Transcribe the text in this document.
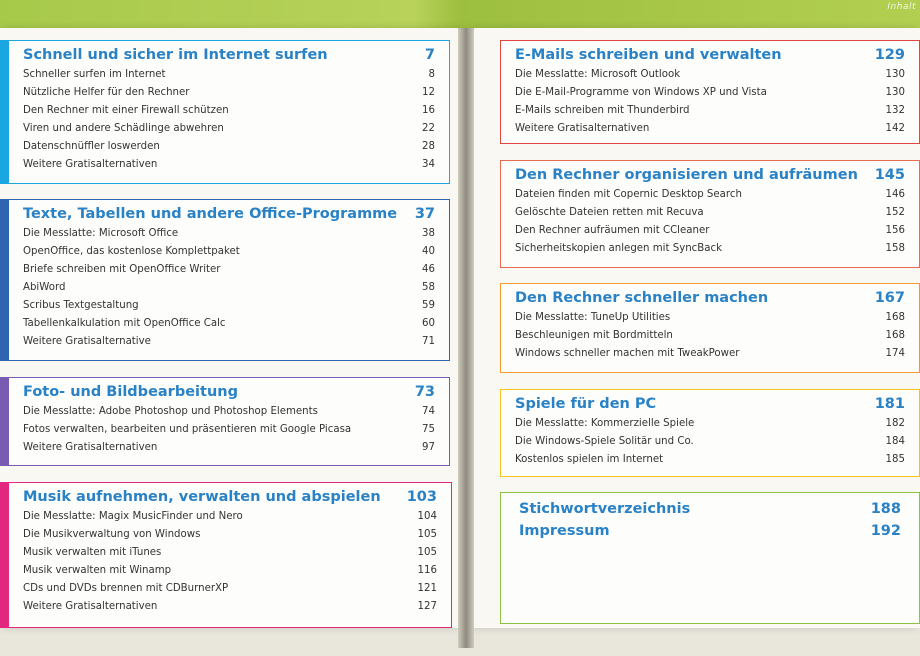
Inhalt
Schnell und sicher im Internet surfen	7
Schneller surfen im Internet	8
Nützliche Helfer für den Rechner	12
Den Rechner mit einer Firewall schützen	16
Viren und andere Schädlinge abwehren	22
Datenschnüffler loswerden	28
Weitere Gratisalternativen	34
Texte, Tabellen und andere Office-Programme 37
Die Messlatte: Microsoft Office	38
OpenOffice, das kostenlose Komplettpaket	40
Briefe schreiben mit OpenOffice Writer	46
AbiWord	58
Scribus Textgestaltung	59
Tabellenkalkulation mit OpenOffice Calc	60
Weitere Gratisalternative	71
Foto- und Bildbearbeitung	73
Die Messlatte: Adobe Photoshop und Photoshop Elements	74
Fotos verwalten, bearbeiten und präsentieren mit Google Picasa	75
Weitere Gratisalternativen	97
Musik aufnehmen, verwalten und abspielen 103
Die Messlatte: Magix MusicFinder und Nero	104
Die Musikverwaltung von Windows	105
Musik verwalten mit iTunes	105
Musik verwalten mit Winamp	116
CDs und DVDs brennen mit CDBurnerXP	121
Weitere Gratisalternativen	127
E-Mails schreiben und verwalten	129
Die Messlatte: Microsoft Outlook	130
Die E-Mail-Programme von Windows XP und Vista	130
E-Mails schreiben mit Thunderbird	132
Weitere Gratisalternativen	142
Den Rechner organisieren und aufräumen 145
Dateien finden mit Copernic Desktop Search	146
Gelöschte Dateien retten mit Recuva	152
Den Rechner aufräumen mit CCleaner	156
Sicherheitskopien anlegen mit SyncBack	158
Den Rechner schneller machen	167
Die Messlatte: TuneUp Utilities	168
Beschleunigen mit Bordmitteln	168
Windows schneller machen mit TweakPower	174
Spiele für den PC	181
Die Messlatte: Kommerzielle Spiele	182
Die Windows-Spiele Solitär und Co.	184
Kostenlos spielen im Internet	185
Stichwortverzeichnis	188
Impressum	192
